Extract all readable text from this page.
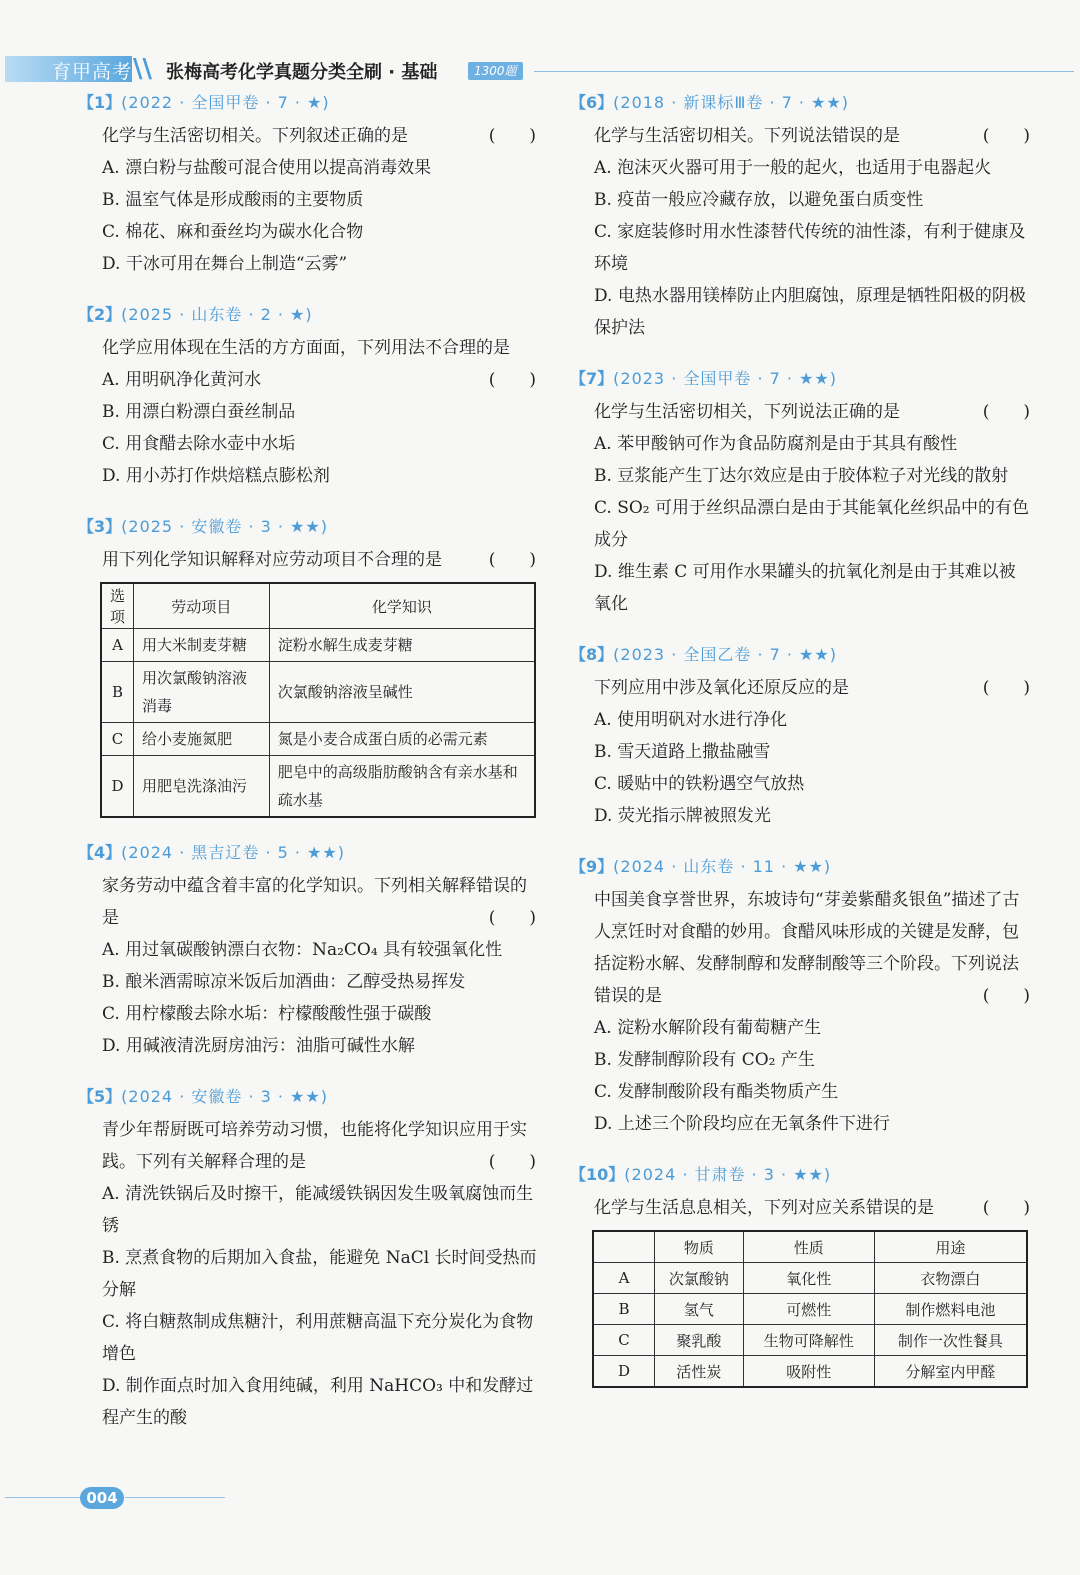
育甲高考 \\ 张梅高考化学真题分类全刷 · 基础	1300题
【1】(2022 · 全国甲卷 · 7 · ★)
化学与生活密切相关。下列叙述正确的是	(　　)
A. 漂白粉与盐酸可混合使用以提高消毒效果
B. 温室气体是形成酸雨的主要物质
C. 棉花、麻和蚕丝均为碳水化合物
D. 干冰可用在舞台上制造“云雾”
【2】(2025 · 山东卷 · 2 · ★)
化学应用体现在生活的方方面面，下列用法不合理的是
(　　)
A. 用明矾净化黄河水
B. 用漂白粉漂白蚕丝制品
C. 用食醋去除水壶中水垢
D. 用小苏打作烘焙糕点膨松剂
【3】(2025 · 安徽卷 · 3 · ★★)
用下列化学知识解释对应劳动项目不合理的是	(　　)
选项	劳动项目	化学知识
A	用大米制麦芽糖	淀粉水解生成麦芽糖
B	用次氯酸钠溶液消毒	次氯酸钠溶液呈碱性
C	给小麦施氮肥	氮是小麦合成蛋白质的必需元素
D	用肥皂洗涤油污	肥皂中的高级脂肪酸钠含有亲水基和疏水基
【4】(2024 · 黑吉辽卷 · 5 · ★★)
家务劳动中蕴含着丰富的化学知识。下列相关解释错误的是	(　　)
A. 用过氧碳酸钠漂白衣物：Na₂CO₄ 具有较强氧化性
B. 酿米酒需晾凉米饭后加酒曲：乙醇受热易挥发
C. 用柠檬酸去除水垢：柠檬酸酸性强于碳酸
D. 用碱液清洗厨房油污：油脂可碱性水解
【5】(2024 · 安徽卷 · 3 · ★★)
青少年帮厨既可培养劳动习惯，也能将化学知识应用于实践。下列有关解释合理的是	(　　)
A. 清洗铁锅后及时擦干，能减缓铁锅因发生吸氧腐蚀而生锈
B. 烹煮食物的后期加入食盐，能避免 NaCl 长时间受热而分解
C. 将白糖熬制成焦糖汁，利用蔗糖高温下充分炭化为食物增色
D. 制作面点时加入食用纯碱，利用 NaHCO₃ 中和发酵过程产生的酸
【6】(2018 · 新课标Ⅲ卷 · 7 · ★★)
化学与生活密切相关。下列说法错误的是	(　　)
A. 泡沫灭火器可用于一般的起火，也适用于电器起火
B. 疫苗一般应冷藏存放，以避免蛋白质变性
C. 家庭装修时用水性漆替代传统的油性漆，有利于健康及环境
D. 电热水器用镁棒防止内胆腐蚀，原理是牺牲阳极的阴极保护法
【7】(2023 · 全国甲卷 · 7 · ★★)
化学与生活密切相关，下列说法正确的是	(　　)
A. 苯甲酸钠可作为食品防腐剂是由于其具有酸性
B. 豆浆能产生丁达尔效应是由于胶体粒子对光线的散射
C. SO₂ 可用于丝织品漂白是由于其能氧化丝织品中的有色成分
D. 维生素 C 可用作水果罐头的抗氧化剂是由于其难以被氧化
【8】(2023 · 全国乙卷 · 7 · ★★)
下列应用中涉及氧化还原反应的是	(　　)
A. 使用明矾对水进行净化
B. 雪天道路上撒盐融雪
C. 暖贴中的铁粉遇空气放热
D. 荧光指示牌被照发光
【9】(2024 · 山东卷 · 11 · ★★)
中国美食享誉世界，东坡诗句“芽姜紫醋炙银鱼”描述了古人烹饪时对食醋的妙用。食醋风味形成的关键是发酵，包括淀粉水解、发酵制醇和发酵制酸等三个阶段。下列说法错误的是	(　　)
A. 淀粉水解阶段有葡萄糖产生
B. 发酵制醇阶段有 CO₂ 产生
C. 发酵制酸阶段有酯类物质产生
D. 上述三个阶段均应在无氧条件下进行
【10】(2024 · 甘肃卷 · 3 · ★★)
化学与生活息息相关，下列对应关系错误的是	(　　)
	物质	性质	用途
A	次氯酸钠	氧化性	衣物漂白
B	氢气	可燃性	制作燃料电池
C	聚乳酸	生物可降解性	制作一次性餐具
D	活性炭	吸附性	分解室内甲醛
004
